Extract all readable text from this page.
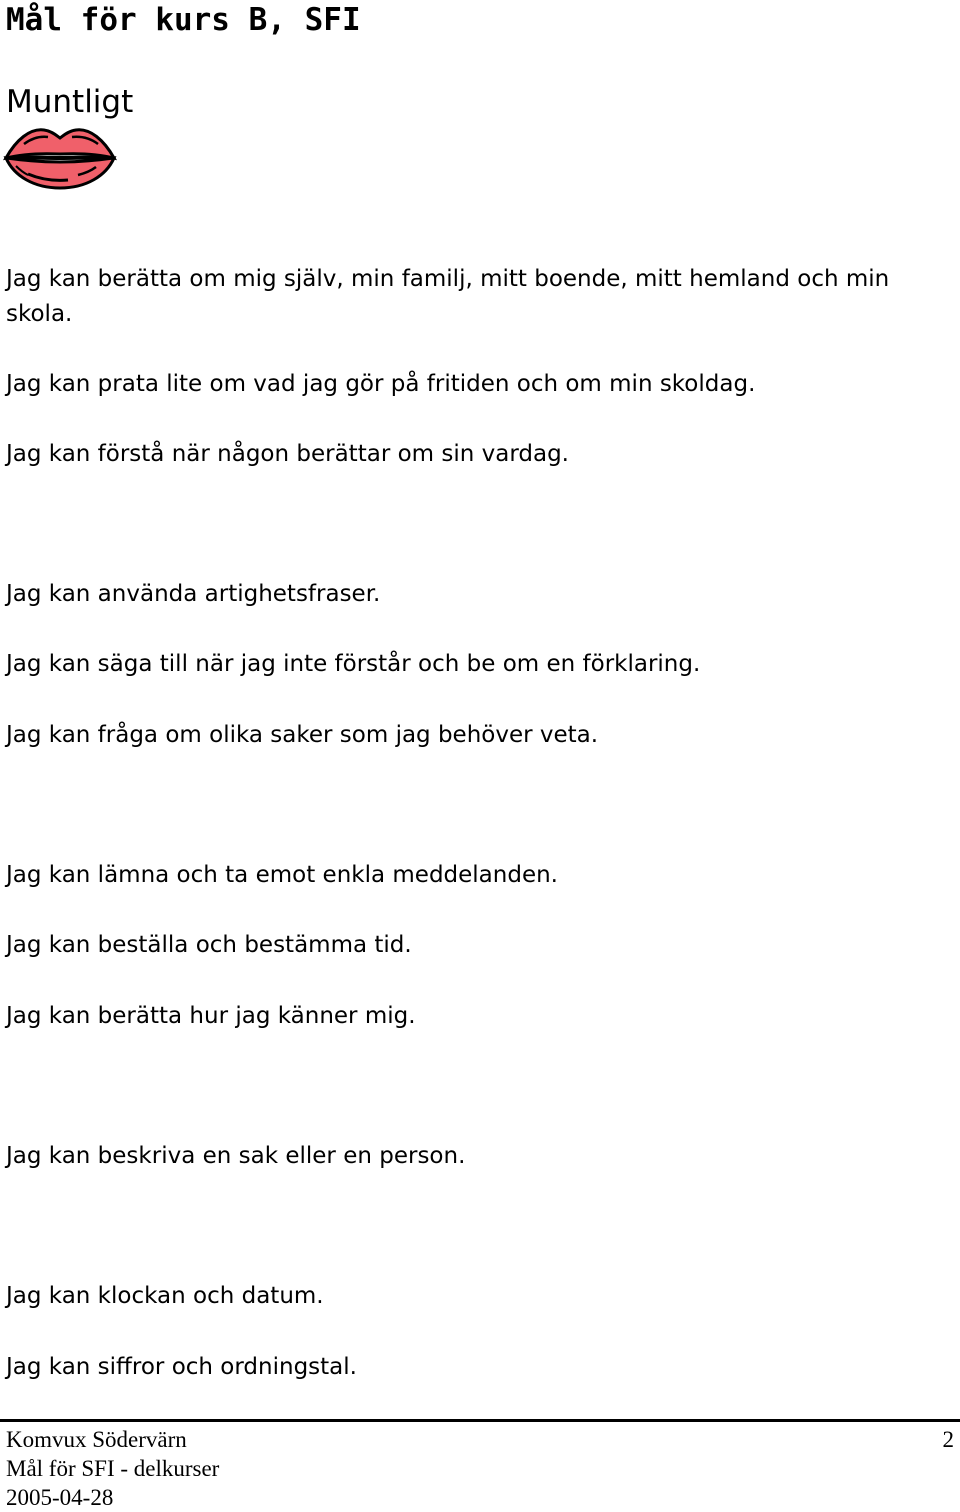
Mål för kurs B, SFI
Muntligt

Jag kan berätta om mig själv, min familj, mitt boende, mitt hemland och min

skola.

Jag kan prata lite om vad jag gör på fritiden och om min skoldag.

Jag kan förstå när någon berättar om sin vardag.

Jag kan använda artighetsfraser.

Jag kan säga till när jag inte förstår och be om en förklaring.

Jag kan fråga om olika saker som jag behöver veta.

Jag kan lämna och ta emot enkla meddelanden.

Jag kan beställa och bestämma tid.

Jag kan berätta hur jag känner mig.

Jag kan beskriva en sak eller en person.

Jag kan klockan och datum.

Jag kan siffror och ordningstal.

Komvux Södervärn

Mål för SFI - delkurser

2005-04-28

2
